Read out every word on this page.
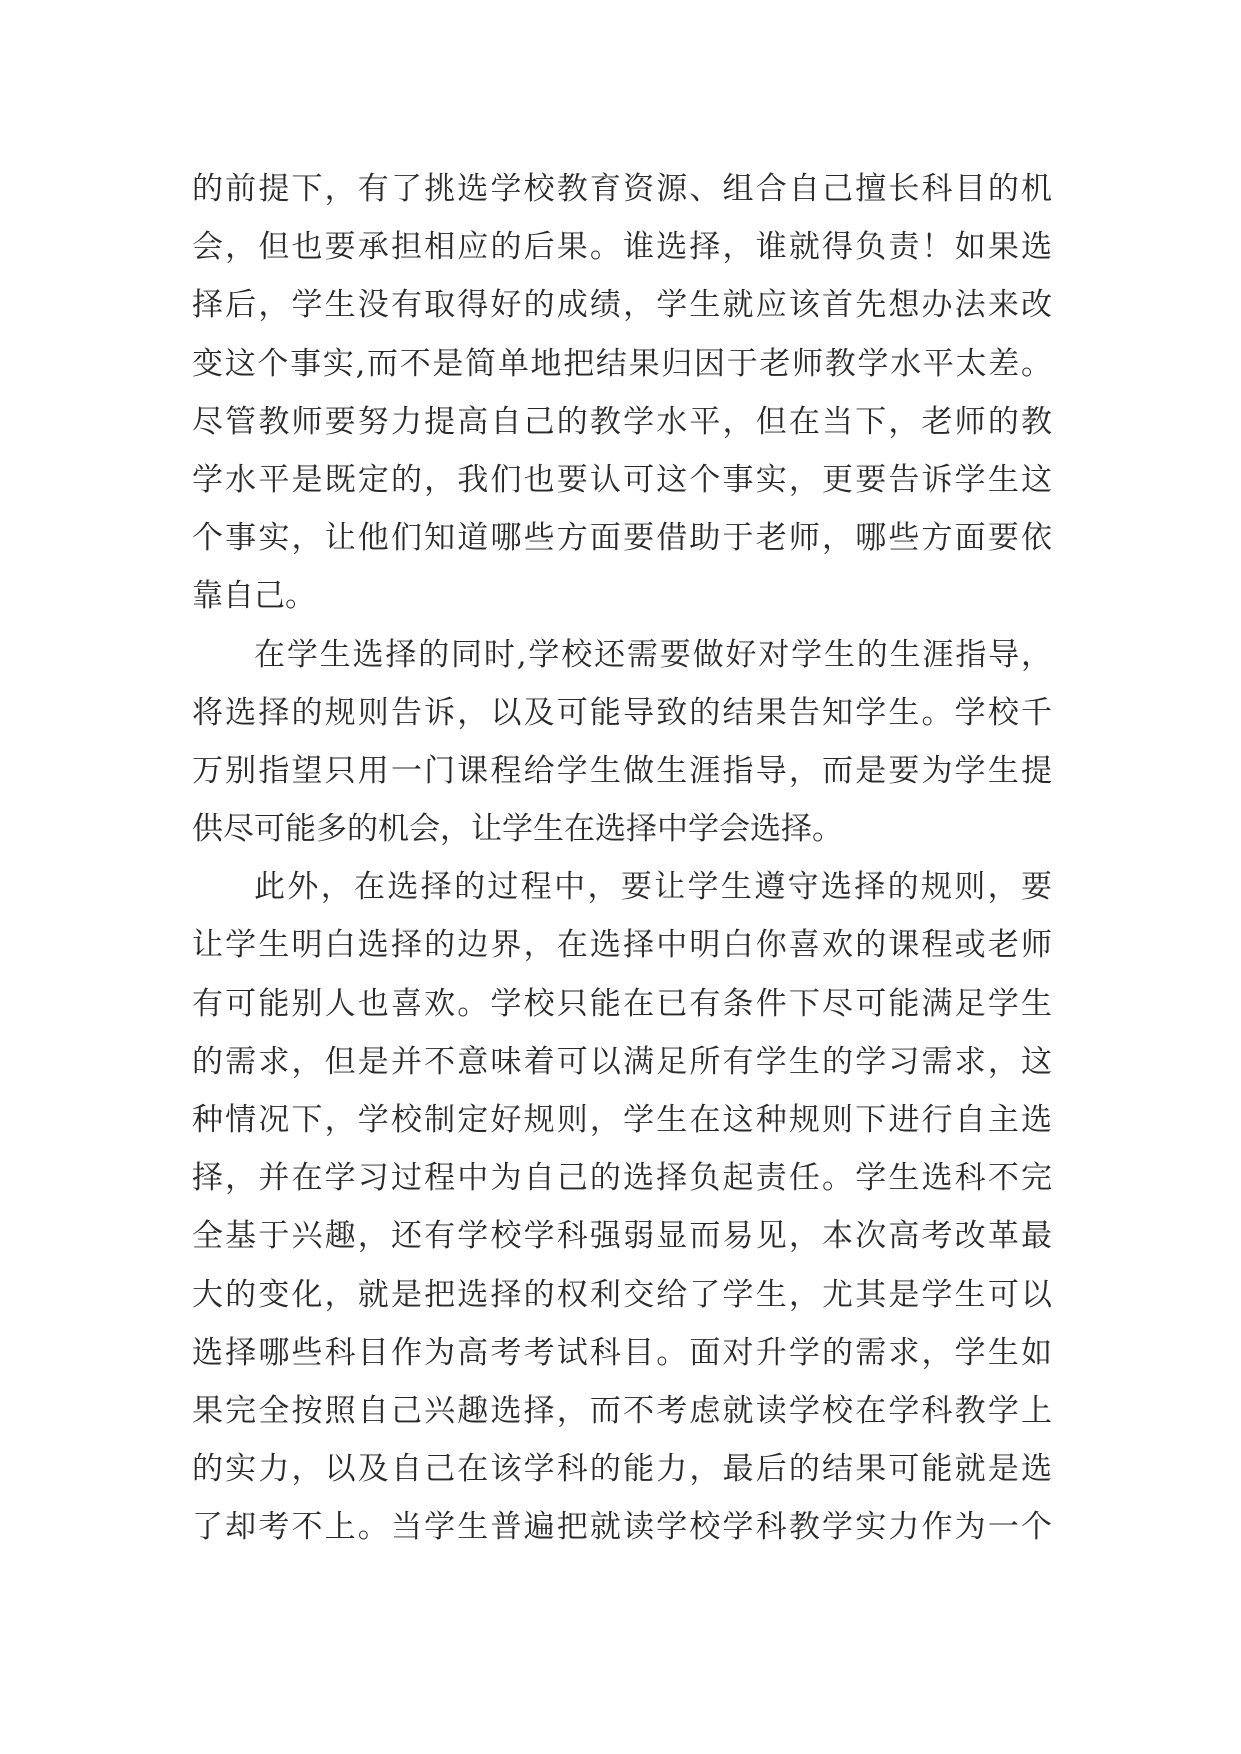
的前提下，有了挑选学校教育资源、组合自己擅长科目的机
会，但也要承担相应的后果。谁选择，谁就得负责！如果选
择后，学生没有取得好的成绩，学生就应该首先想办法来改
变这个事实,而不是简单地把结果归因于老师教学水平太差。
尽管教师要努力提高自己的教学水平，但在当下，老师的教
学水平是既定的，我们也要认可这个事实，更要告诉学生这
个事实，让他们知道哪些方面要借助于老师，哪些方面要依
靠自己。
在学生选择的同时,学校还需要做好对学生的生涯指导，
将选择的规则告诉，以及可能导致的结果告知学生。学校千
万别指望只用一门课程给学生做生涯指导，而是要为学生提
供尽可能多的机会，让学生在选择中学会选择。
此外，在选择的过程中，要让学生遵守选择的规则，要
让学生明白选择的边界，在选择中明白你喜欢的课程或老师
有可能别人也喜欢。学校只能在已有条件下尽可能满足学生
的需求，但是并不意味着可以满足所有学生的学习需求，这
种情况下，学校制定好规则，学生在这种规则下进行自主选
择，并在学习过程中为自己的选择负起责任。学生选科不完
全基于兴趣，还有学校学科强弱显而易见，本次高考改革最
大的变化，就是把选择的权利交给了学生，尤其是学生可以
选择哪些科目作为高考考试科目。面对升学的需求，学生如
果完全按照自己兴趣选择，而不考虑就读学校在学科教学上
的实力，以及自己在该学科的能力，最后的结果可能就是选
了却考不上。当学生普遍把就读学校学科教学实力作为一个
